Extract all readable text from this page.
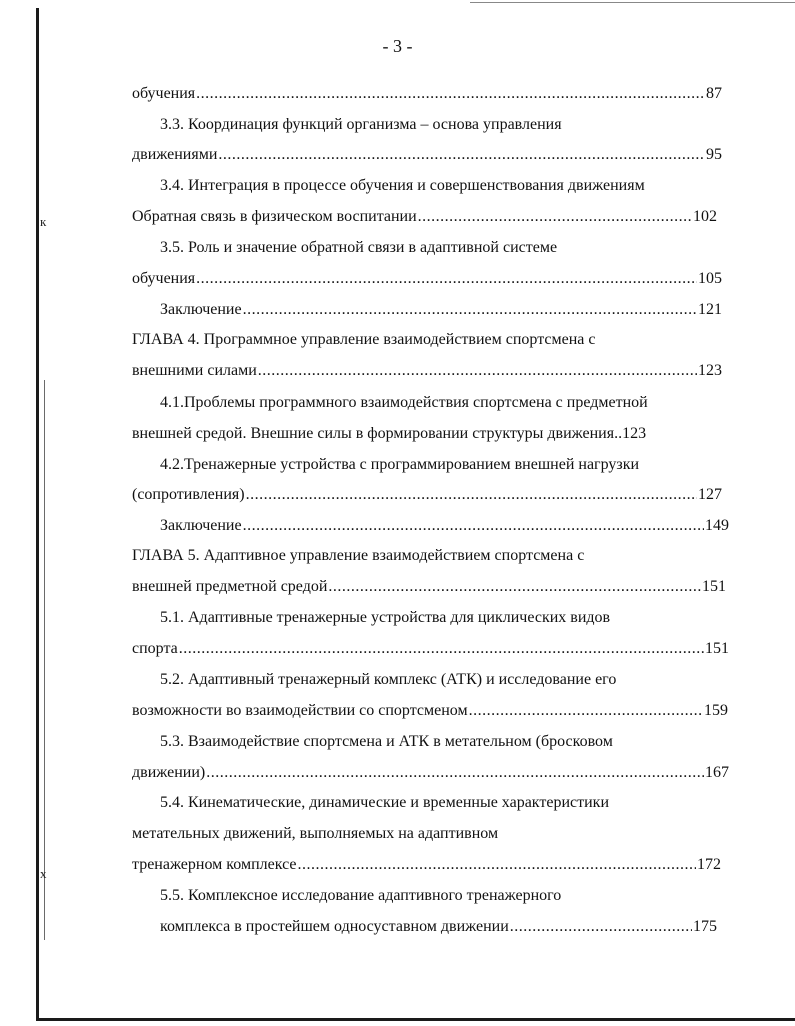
к
х
- 3 -
обучения .....	87
3.3. Координация функций организма – основа управления
движениями .....	95
3.4. Интеграция в процессе обучения и совершенствования движениям
Обратная связь в физическом воспитании .....	102
3.5. Роль и значение обратной связи в адаптивной системе
обучения .....	105
Заключение .....	121
ГЛАВА 4. Программное управление взаимодействием спортсмена с
внешними силами .....	123
4.1.Проблемы программного взаимодействия спортсмена с предметной
внешней средой. Внешние силы в формировании структуры движения..123
4.2.Тренажерные устройства с программированием внешней нагрузки
(сопротивления) .....	127
Заключение .....	149
ГЛАВА 5. Адаптивное управление взаимодействием спортсмена с
внешней предметной средой .....	151
5.1. Адаптивные тренажерные устройства для циклических видов
спорта .....	151
5.2. Адаптивный тренажерный комплекс (АТК) и исследование его
возможности во взаимодействии со спортсменом .....	159
5.3. Взаимодействие спортсмена и АТК в метательном (бросковом
движении) .....	167
5.4. Кинематические, динамические и временные характеристики
метательных движений, выполняемых на адаптивном
тренажерном комплексе .....	172
5.5. Комплексное исследование адаптивного тренажерного
комплекса в простейшем односуставном движении .....	175
